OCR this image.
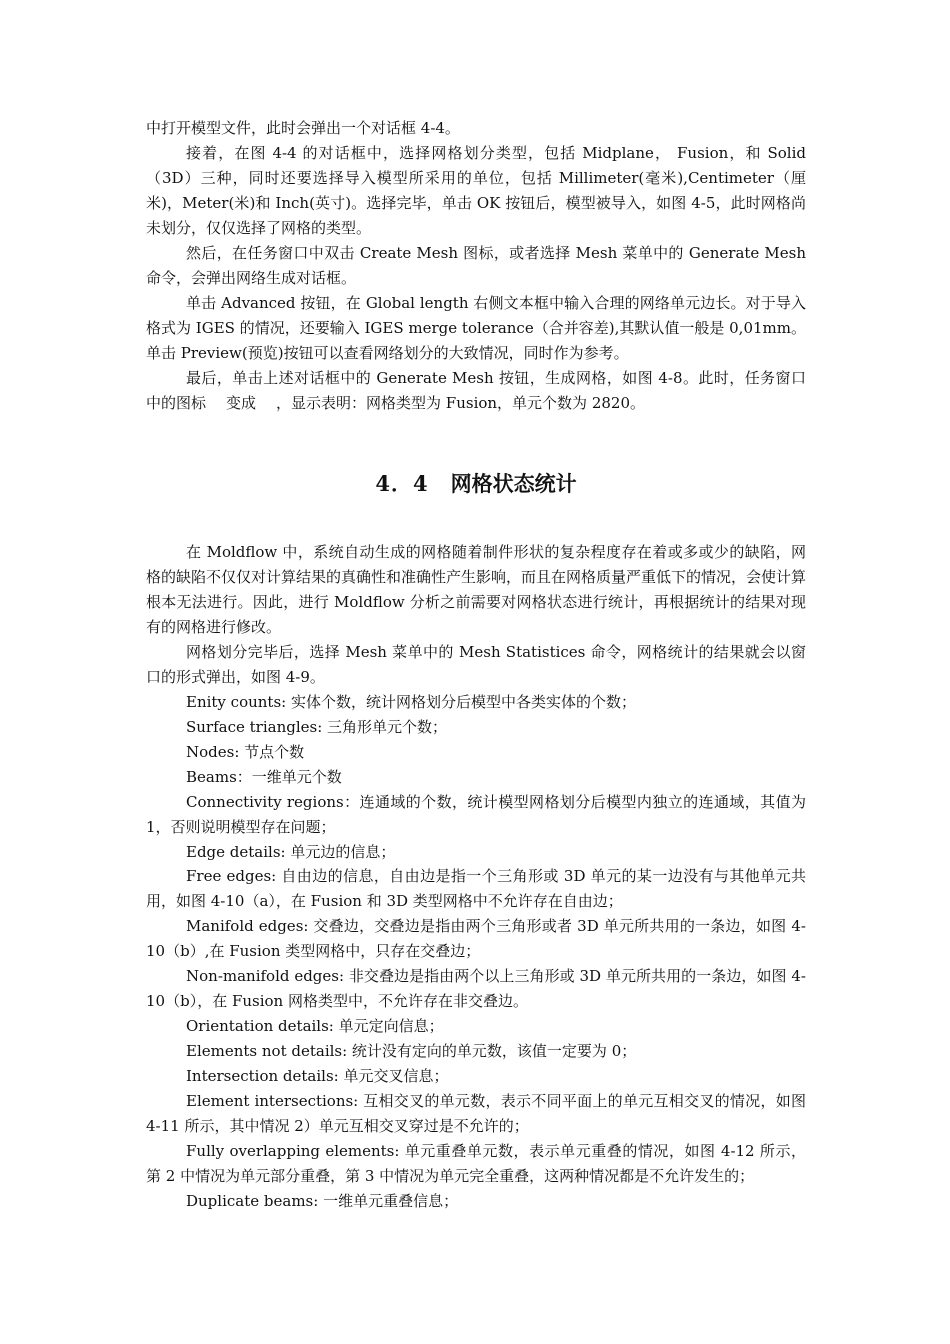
中打开模型文件，此时会弹出一个对话框 4-4。

接着，在图 4-4 的对话框中，选择网格划分类型，包括 Midplane， Fusion，和 Solid（3D）三种，同时还要选择导入模型所采用的单位，包括 Millimeter(毫米),Centimeter（厘米)，Meter(米)和 Inch(英寸)。选择完毕，单击 OK 按钮后，模型被导入，如图 4-5，此时网格尚未划分，仅仅选择了网格的类型。

然后，在任务窗口中双击 Create Mesh 图标，或者选择 Mesh 菜单中的 Generate Mesh 命令，会弹出网络生成对话框。

单击 Advanced 按钮，在 Global length 右侧文本框中输入合理的网络单元边长。对于导入格式为 IGES 的情况，还要输入 IGES merge tolerance（合并容差),其默认值一般是 0,01mm。单击 Preview(预览)按钮可以查看网络划分的大致情况，同时作为参考。

最后，单击上述对话框中的 Generate Mesh 按钮，生成网格，如图 4-8。此时，任务窗口中的图标 变成 ，显示表明：网格类型为 Fusion，单元个数为 2820。

4．4 网格状态统计

在 Moldflow 中，系统自动生成的网格随着制件形状的复杂程度存在着或多或少的缺陷，网格的缺陷不仅仅对计算结果的真确性和准确性产生影响，而且在网格质量严重低下的情况，会使计算根本无法进行。因此，进行 Moldflow 分析之前需要对网格状态进行统计，再根据统计的结果对现有的网格进行修改。

网格划分完毕后，选择 Mesh 菜单中的 Mesh Statistices 命令，网格统计的结果就会以窗口的形式弹出，如图 4-9。

Enity counts: 实体个数，统计网格划分后模型中各类实体的个数；

Surface triangles: 三角形单元个数；

Nodes: 节点个数

Beams：一维单元个数

Connectivity regions：连通域的个数，统计模型网格划分后模型内独立的连通域，其值为 1，否则说明模型存在问题；

Edge details: 单元边的信息；

Free edges: 自由边的信息，自由边是指一个三角形或 3D 单元的某一边没有与其他单元共用，如图 4-10（a），在 Fusion 和 3D 类型网格中不允许存在自由边；

Manifold edges: 交叠边，交叠边是指由两个三角形或者 3D 单元所共用的一条边，如图 4-10（b）,在 Fusion 类型网格中，只存在交叠边；

Non-manifold edges: 非交叠边是指由两个以上三角形或 3D 单元所共用的一条边，如图 4-10（b），在 Fusion 网格类型中，不允许存在非交叠边。

Orientation details: 单元定向信息；

Elements not details: 统计没有定向的单元数，该值一定要为 0；

Intersection details: 单元交叉信息；

Element intersections: 互相交叉的单元数，表示不同平面上的单元互相交叉的情况，如图 4-11 所示，其中情况 2）单元互相交叉穿过是不允许的；

Fully overlapping elements: 单元重叠单元数，表示单元重叠的情况，如图 4-12 所示，第 2 中情况为单元部分重叠，第 3 中情况为单元完全重叠，这两种情况都是不允许发生的；

Duplicate beams: 一维单元重叠信息；
